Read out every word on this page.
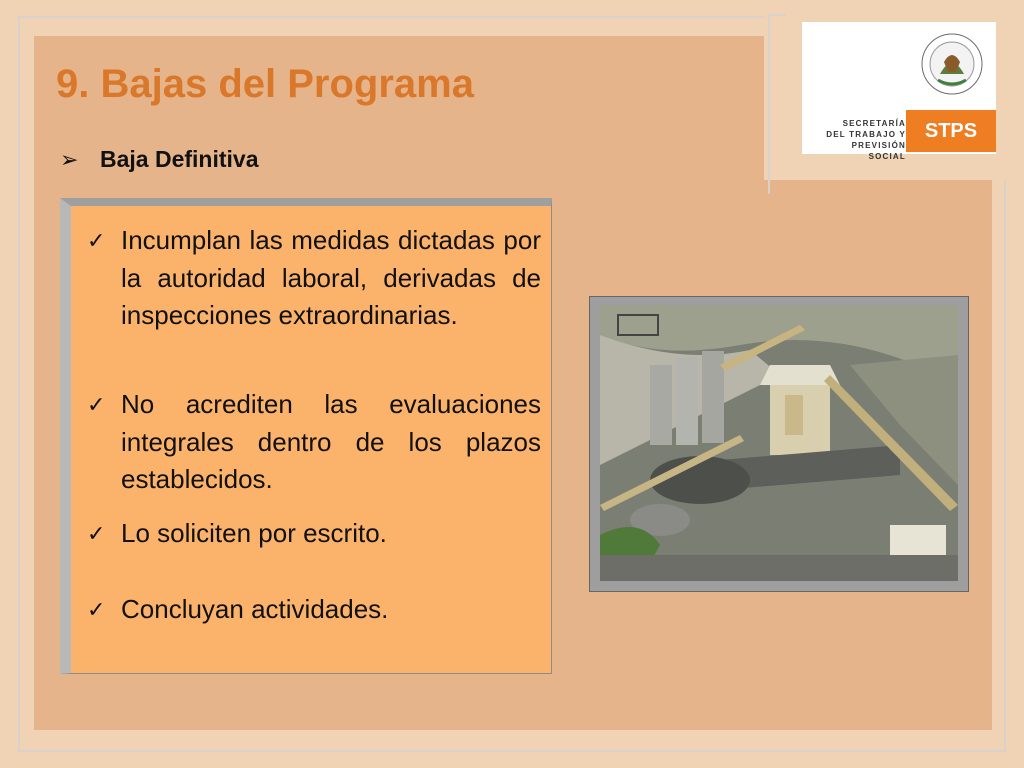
SECRETARÍA
DEL TRABAJO Y
PREVISIÓN SOCIAL
STPS
9. Bajas del Programa
➢ Baja Definitiva
✓ Incumplan las medidas dictadas por la autoridad laboral, derivadas de inspecciones extraordinarias.
✓ No acrediten las evaluaciones integrales dentro de los plazos establecidos.
✓ Lo soliciten por escrito.
✓ Concluyan actividades.
